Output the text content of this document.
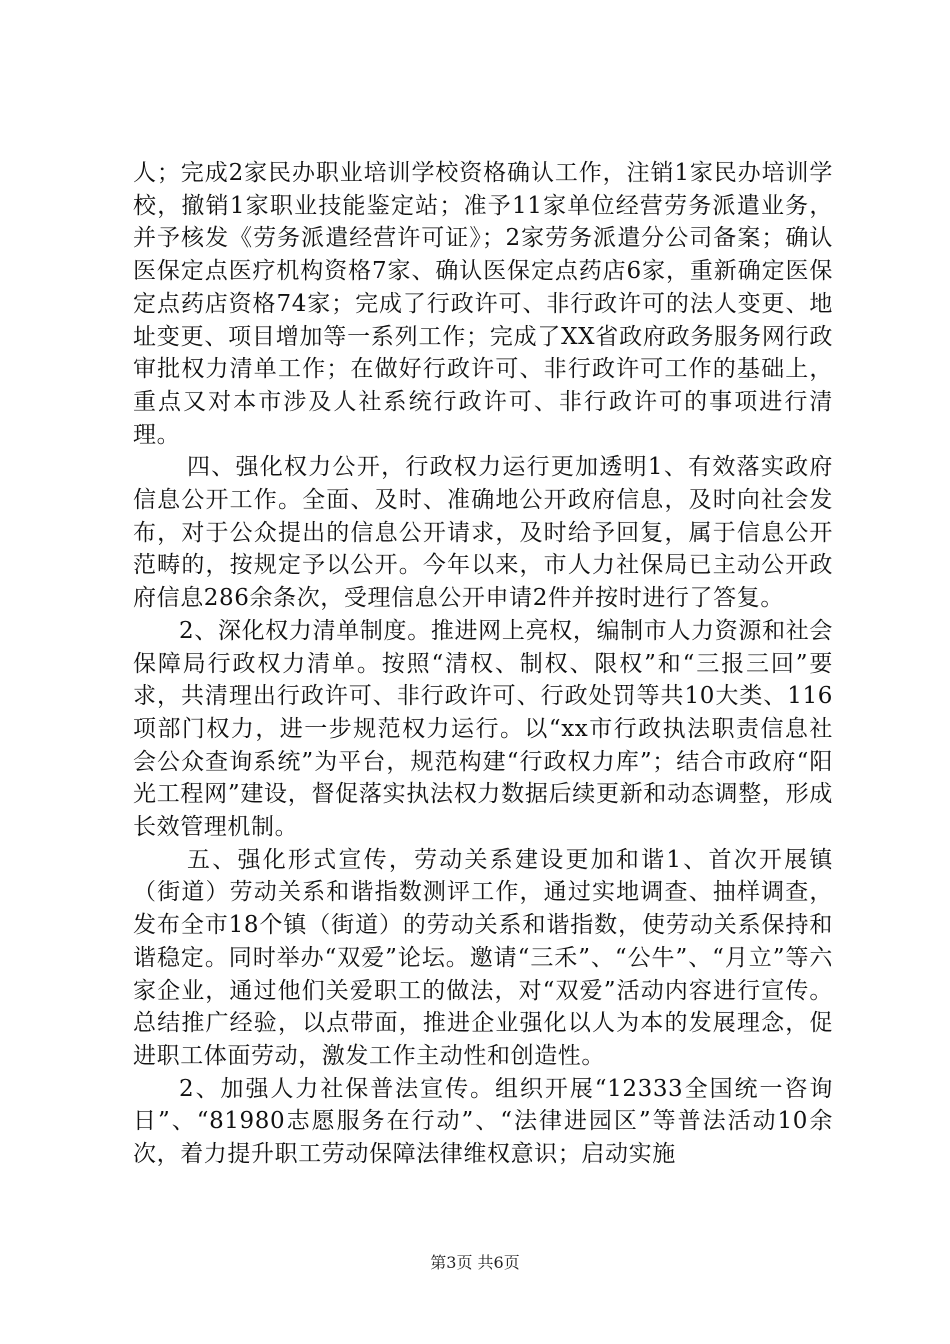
人；完成2家民办职业培训学校资格确认工作，注销1家民办培训学校，撤销1家职业技能鉴定站；准予11家单位经营劳务派遣业务，并予核发《劳务派遣经营许可证》；2家劳务派遣分公司备案；确认医保定点医疗机构资格7家、确认医保定点药店6家，重新确定医保定点药店资格74家；完成了行政许可、非行政许可的法人变更、地址变更、项目增加等一系列工作；完成了XX省政府政务服务网行政审批权力清单工作；在做好行政许可、非行政许可工作的基础上，重点又对本市涉及人社系统行政许可、非行政许可的事项进行清理。

四、强化权力公开，行政权力运行更加透明1、有效落实政府信息公开工作。全面、及时、准确地公开政府信息，及时向社会发布，对于公众提出的信息公开请求，及时给予回复，属于信息公开范畴的，按规定予以公开。今年以来，市人力社保局已主动公开政府信息286余条次，受理信息公开申请2件并按时进行了答复。

2、深化权力清单制度。推进网上亮权，编制市人力资源和社会保障局行政权力清单。按照“清权、制权、限权”和“三报三回”要求，共清理出行政许可、非行政许可、行政处罚等共10大类、116项部门权力，进一步规范权力运行。以“xx市行政执法职责信息社会公众查询系统”为平台，规范构建“行政权力库”；结合市政府“阳光工程网”建设，督促落实执法权力数据后续更新和动态调整，形成长效管理机制。

五、强化形式宣传，劳动关系建设更加和谐1、首次开展镇（街道）劳动关系和谐指数测评工作，通过实地调查、抽样调查，发布全市18个镇（街道）的劳动关系和谐指数，使劳动关系保持和谐稳定。同时举办“双爱”论坛。邀请“三禾”、“公牛”、“月立”等六家企业，通过他们关爱职工的做法，对“双爱”活动内容进行宣传。总结推广经验，以点带面，推进企业强化以人为本的发展理念，促进职工体面劳动，激发工作主动性和创造性。

2、加强人力社保普法宣传。组织开展“12333全国统一咨询日”、“81980志愿服务在行动”、“法律进园区”等普法活动10余次，着力提升职工劳动保障法律维权意识；启动实施

第3页 共6页
